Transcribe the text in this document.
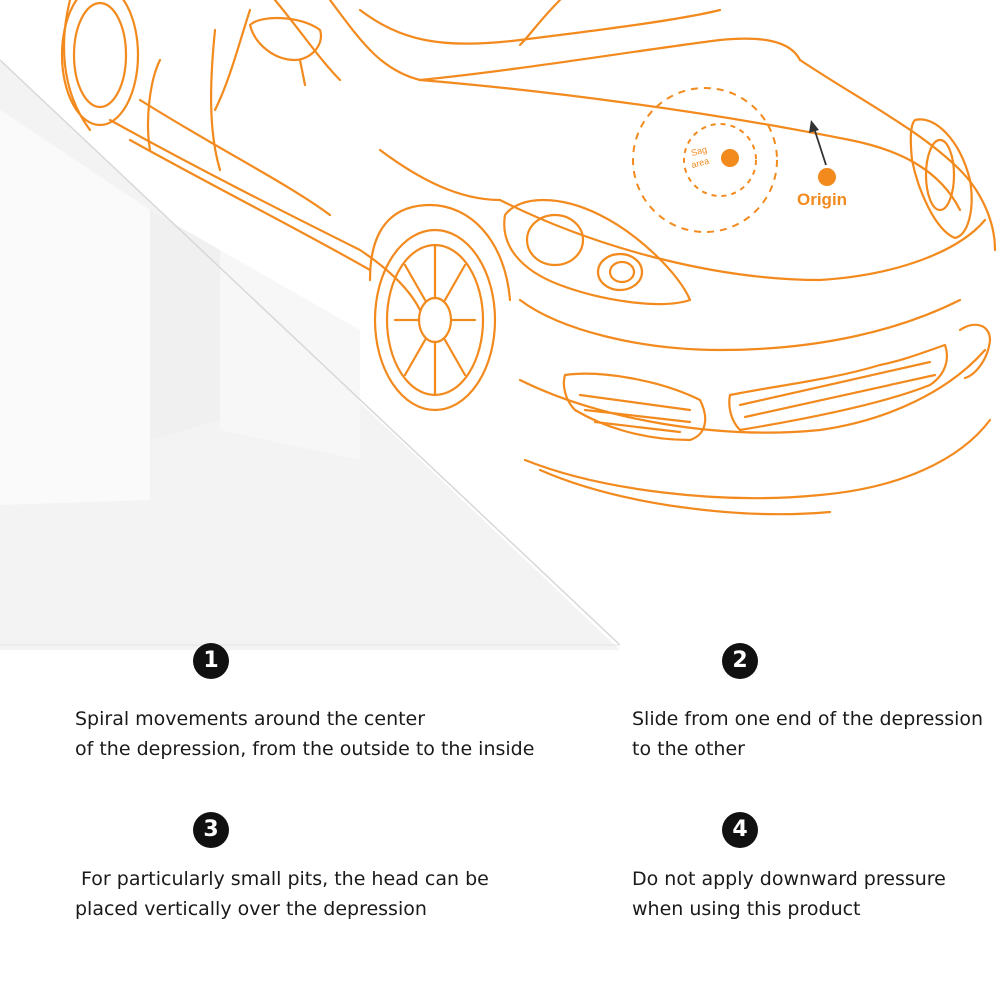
Sag
area
Origin
1

Spiral movements around the center
of the depression, from the outside to the inside

2

Slide from one end of the depression
to the other

3

For particularly small pits, the head can be
placed vertically over the depression

4

Do not apply downward pressure
when using this product
